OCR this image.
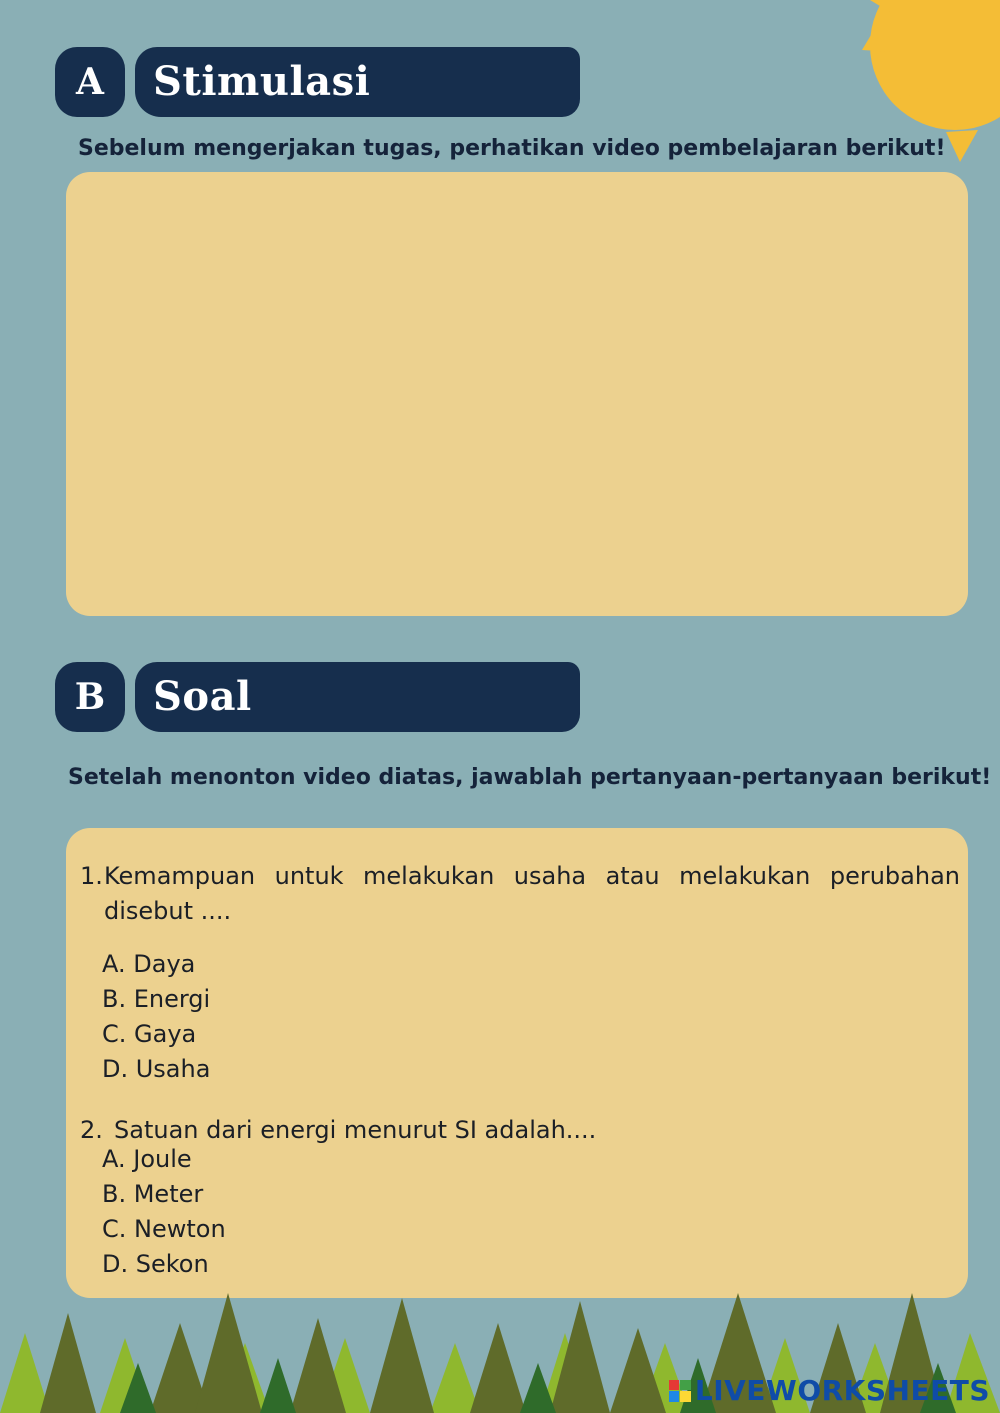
A	Stimulasi
Sebelum mengerjakan tugas, perhatikan video pembelajaran berikut!
B	Soal
Setelah menonton video diatas, jawablah pertanyaan-pertanyaan berikut!
1. Kemampuan untuk melakukan usaha atau melakukan perubahan
disebut ....
A. Daya
B. Energi
C. Gaya
D. Usaha
2. Satuan dari energi menurut SI adalah....
A. Joule
B. Meter
C. Newton
D. Sekon
LIVEWORKSHEETS
